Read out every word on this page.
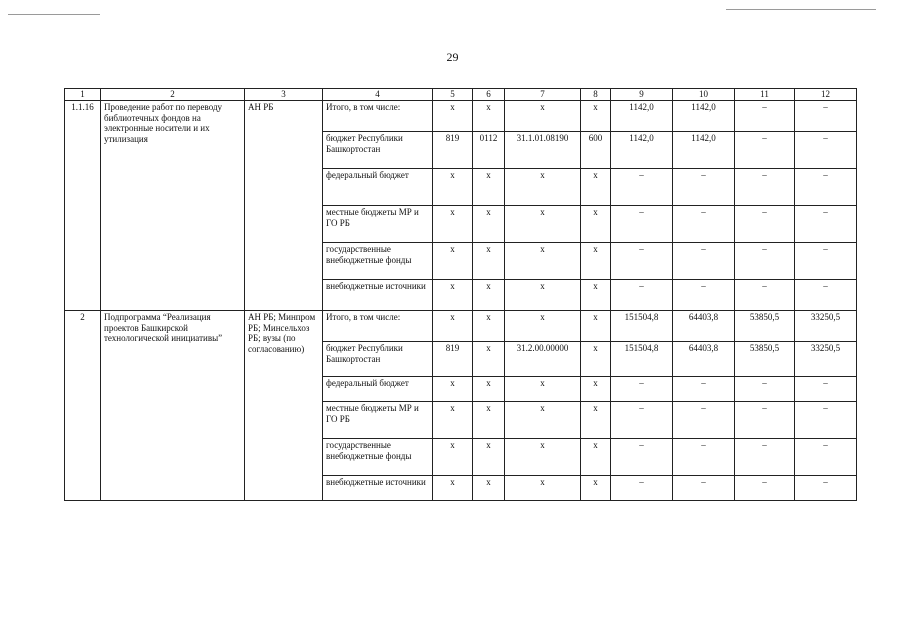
29
1	2	3	4	5	6	7	8	9	10	11	12
1.1.16	Проведение работ по переводу библиотечных фондов на электронные носители и их утилизация	АН РБ	Итого, в том числе:	х	х	х	х	1142,0	1142,0	–	–
			бюджет Республики Башкортостан	819	0112	31.1.01.08190	600	1142,0	1142,0	–	–
			федеральный бюджет	х	х	х	х	–	–	–	–
			местные бюджеты МР и ГО РБ	х	х	х	х	–	–	–	–
			государственные внебюджетные фонды	х	х	х	х	–	–	–	–
			внебюджетные источники	х	х	х	х	–	–	–	–
2	Подпрограмма “Реализация проектов Башкирской технологической инициативы”	АН РБ; Минпром РБ; Минсельхоз РБ; вузы (по согласованию)	Итого, в том числе:	х	х	х	х	151504,8	64403,8	53850,5	33250,5
			бюджет Республики Башкортостан	819	х	31.2.00.00000	х	151504,8	64403,8	53850,5	33250,5
			федеральный бюджет	х	х	х	х	–	–	–	–
			местные бюджеты МР и ГО РБ	х	х	х	х	–	–	–	–
			государственные внебюджетные фонды	х	х	х	х	–	–	–	–
			внебюджетные источники	х	х	х	х	–	–	–	–
